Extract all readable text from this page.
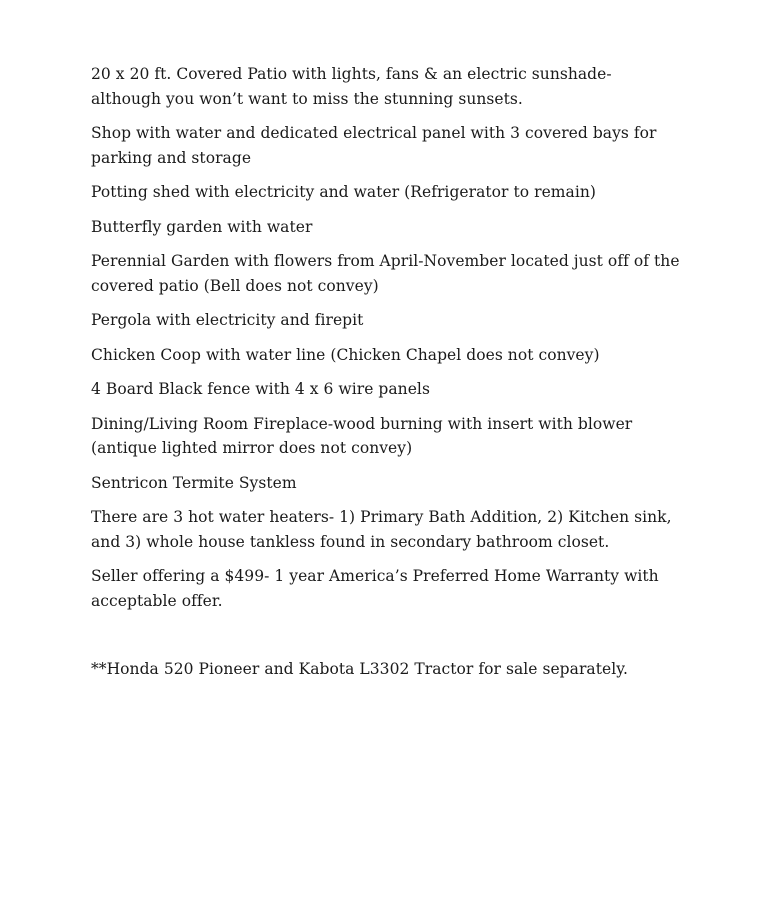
20 x 20 ft. Covered Patio with lights, fans & an electric sunshade-although you won’t want to miss the stunning sunsets.

Shop with water and dedicated electrical panel with 3 covered bays for parking and storage

Potting shed with electricity and water (Refrigerator to remain)

Butterfly garden with water

Perennial Garden with flowers from April-November located just off of the covered patio (Bell does not convey)

Pergola with electricity and firepit

Chicken Coop with water line (Chicken Chapel does not convey)

4 Board Black fence with 4 x 6 wire panels

Dining/Living Room Fireplace-wood burning with insert with blower (antique lighted mirror does not convey)

Sentricon Termite System

There are 3 hot water heaters- 1) Primary Bath Addition, 2) Kitchen sink, and 3) whole house tankless found in secondary bathroom closet.

Seller offering a $499- 1 year America’s Preferred Home Warranty with acceptable offer.

**Honda 520 Pioneer and Kabota L3302 Tractor for sale separately.
